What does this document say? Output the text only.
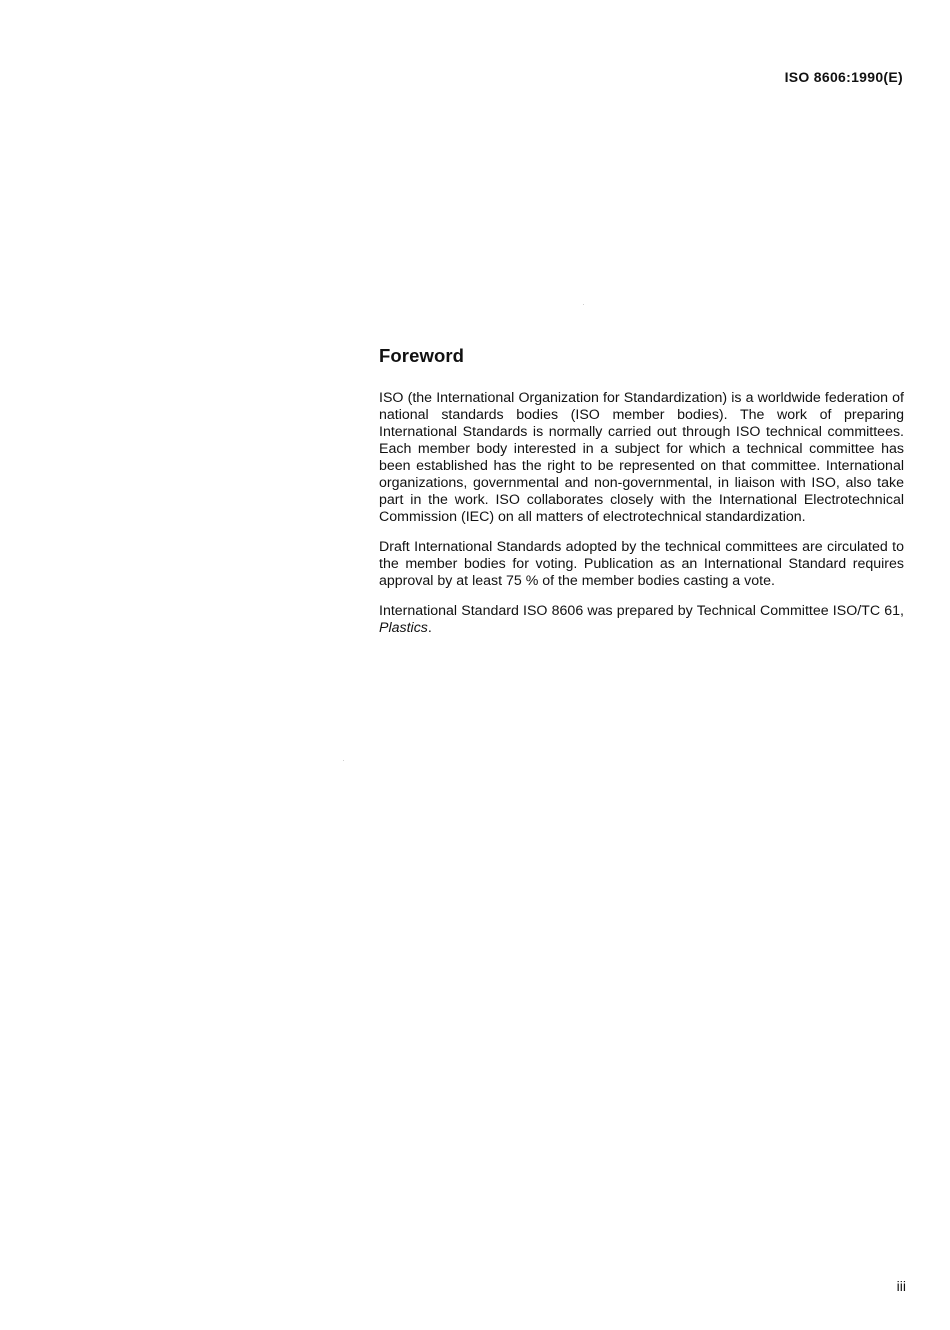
ISO 8606:1990(E)

Foreword

ISO (the International Organization for Standardization) is a worldwide federation of national standards bodies (ISO member bodies). The work of preparing International Standards is normally carried out through ISO technical committees. Each member body interested in a subject for which a technical committee has been established has the right to be represented on that committee. International organizations, governmental and non-governmental, in liaison with ISO, also take part in the work. ISO collaborates closely with the International Electrotechnical Commission (IEC) on all matters of electrotechnical standardization.

Draft International Standards adopted by the technical committees are circulated to the member bodies for voting. Publication as an International Standard requires approval by at least 75 % of the member bodies casting a vote.

International Standard ISO 8606 was prepared by Technical Committee ISO/TC 61, Plastics.

iii
